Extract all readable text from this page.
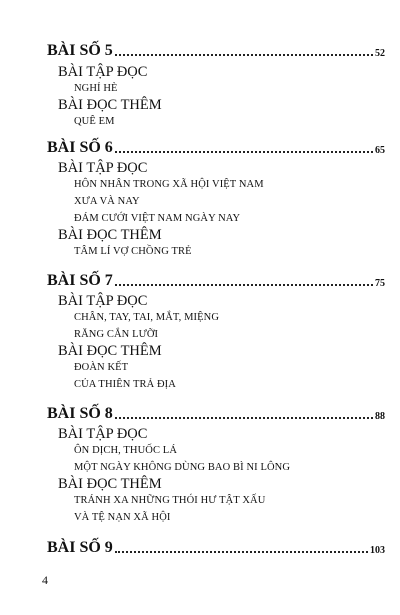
BÀI SỐ 5	52
BÀI TẬP ĐỌC
NGHỈ HÈ
BÀI ĐỌC THÊM
QUÊ EM
BÀI SỐ 6	65
BÀI TẬP ĐỌC
HÔN NHÂN TRONG XÃ HỘI VIỆT NAM
XƯA VÀ NAY
ĐÁM CƯỚI VIỆT NAM NGÀY NAY
BÀI ĐỌC THÊM
TÂM LÍ VỢ CHỒNG TRẺ
BÀI SỐ 7	75
BÀI TẬP ĐỌC
CHÂN, TAY, TAI, MẮT, MIỆNG
RĂNG CẮN LƯỠI
BÀI ĐỌC THÊM
ĐOÀN KẾT
CỦA THIÊN TRẢ ĐỊA
BÀI SỐ 8	88
BÀI TẬP ĐỌC
ÔN DỊCH, THUỐC LÁ
MỘT NGÀY KHÔNG DÙNG BAO BÌ NI LÔNG
BÀI ĐỌC THÊM
TRÁNH XA NHỮNG THÓI HƯ TẬT XẤU
VÀ TỆ NẠN XÃ HỘI
BÀI SỐ 9	103
4
